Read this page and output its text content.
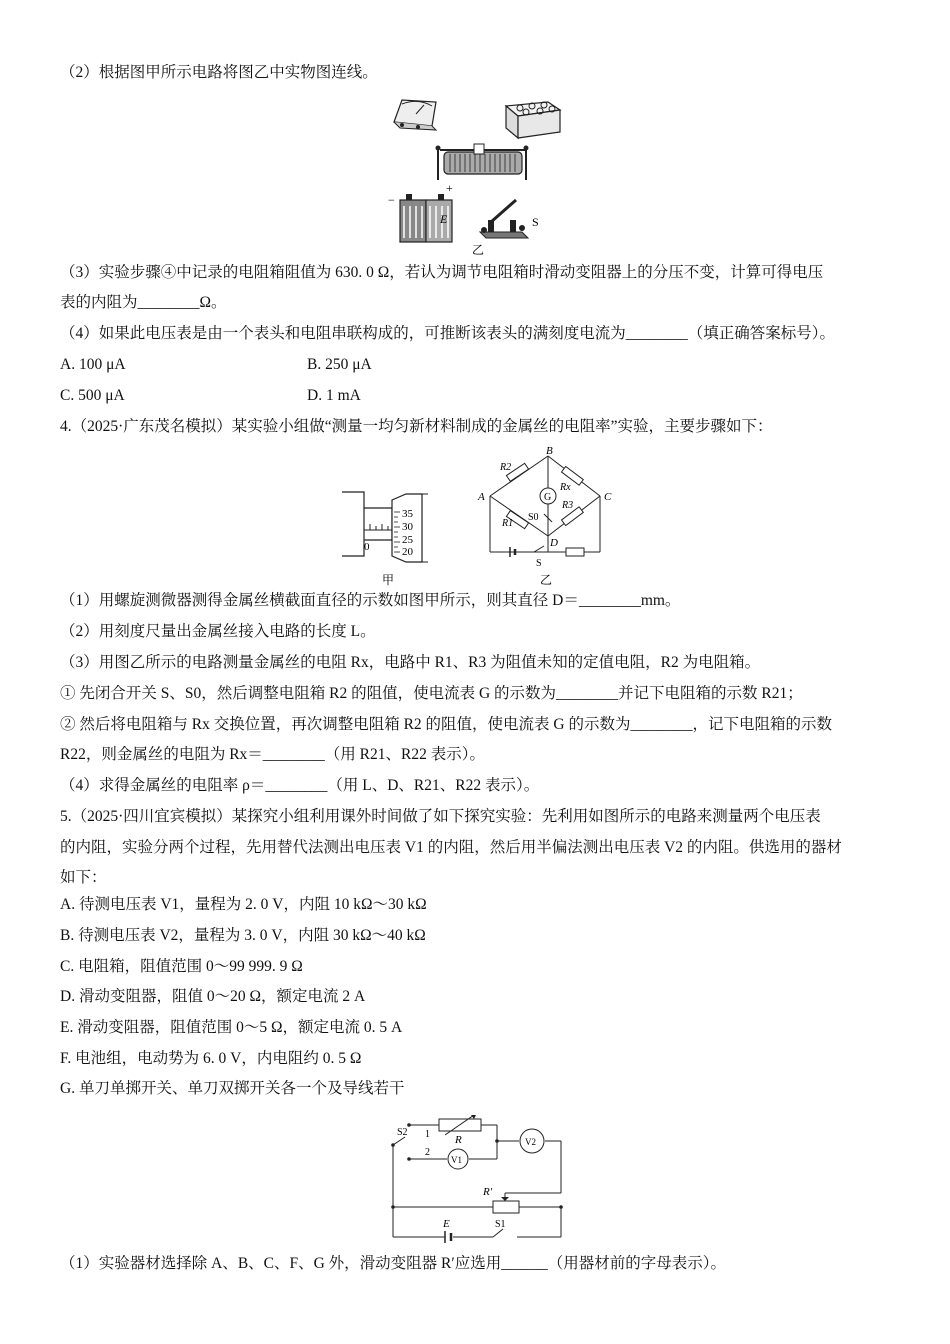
（2）根据图甲所示电路将图乙中实物图连线。
−
+
E	S
乙
（3）实验步骤④中记录的电阻箱阻值为 630. 0 Ω，若认为调节电阻箱时滑动变阻器上的分压不变，计算可得电压
表的内阻为________Ω。
（4）如果此电压表是由一个表头和电阻串联构成的，可推断该表头的满刻度电流为________（填正确答案标号）。
A. 100 μA	B. 250 μA
C. 500 μA	D. 1 mA
4.（2025·广东茂名模拟）某实验小组做“测量一均匀新材料制成的金属丝的电阻率”实验，主要步骤如下：
0
35
30
25
20
甲
G
A
B
C
D
R2
Rx
R1
R3
S0
S
乙
（1）用螺旋测微器测得金属丝横截面直径的示数如图甲所示，则其直径 D＝________mm。
（2）用刻度尺量出金属丝接入电路的长度 L。
（3）用图乙所示的电路测量金属丝的电阻 Rx，电路中 R1、R3 为阻值未知的定值电阻，R2 为电阻箱。
① 先闭合开关 S、S0，然后调整电阻箱 R2 的阻值，使电流表 G 的示数为________并记下电阻箱的示数 R21；
② 然后将电阻箱与 Rx 交换位置，再次调整电阻箱 R2 的阻值，使电流表 G 的示数为________，记下电阻箱的示数
R22，则金属丝的电阻为 Rx＝________（用 R21、R22 表示）。
（4）求得金属丝的电阻率 ρ＝________（用 L、D、R21、R22 表示）。
5.（2025·四川宜宾模拟）某探究小组利用课外时间做了如下探究实验：先利用如图所示的电路来测量两个电压表
的内阻，实验分两个过程，先用替代法测出电压表 V1 的内阻，然后用半偏法测出电压表 V2 的内阻。供选用的器材
如下：
A. 待测电压表 V1，量程为 2. 0 V，内阻 10 kΩ～30 kΩ
B. 待测电压表 V2，量程为 3. 0 V，内阻 30 kΩ～40 kΩ
C. 电阻箱，阻值范围 0～99 999. 9 Ω
D. 滑动变阻器，阻值 0～20 Ω，额定电流 2 A
E. 滑动变阻器，阻值范围 0～5 Ω，额定电流 0. 5 A
F. 电池组，电动势为 6. 0 V，内电阻约 0. 5 Ω
G. 单刀单掷开关、单刀双掷开关各一个及导线若干
S2 1
2
R
V1
V2
R′
E	S1
（1）实验器材选择除 A、B、C、F、G 外，滑动变阻器 R′应选用______（用器材前的字母表示）。
